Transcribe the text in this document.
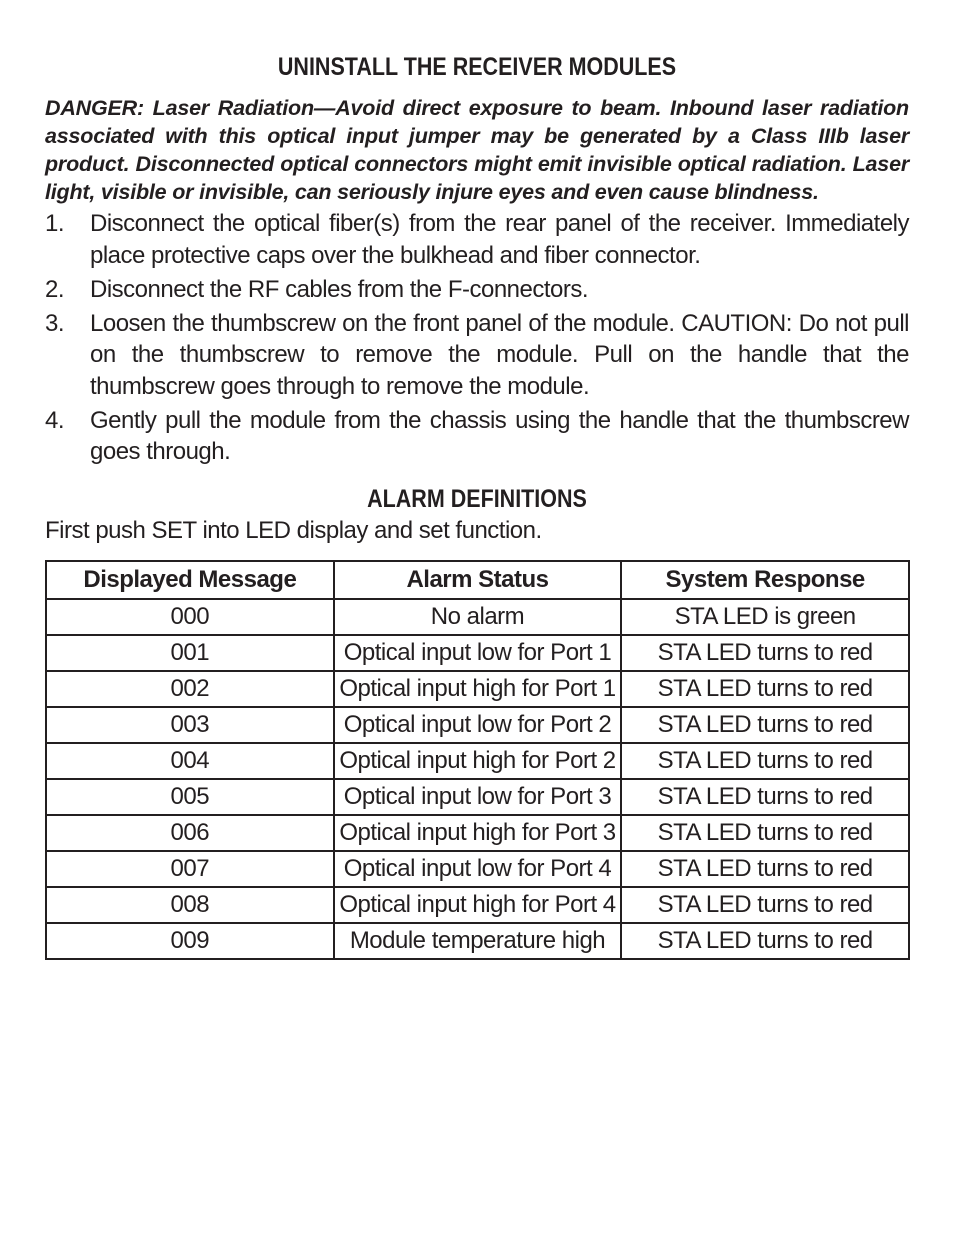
UNINSTALL THE RECEIVER MODULES
DANGER: Laser Radiation—Avoid direct exposure to beam. Inbound laser radiation associated with this optical input jumper may be generated by a Class IIIb laser product. Disconnected optical connectors might emit invisible optical radiation. Laser light, visible or invisible, can seriously injure eyes and even cause blindness.
1. Disconnect the optical fiber(s) from the rear panel of the receiver. Immediately place protective caps over the bulkhead and fiber connector.
2. Disconnect the RF cables from the F-connectors.
3. Loosen the thumbscrew on the front panel of the module. CAUTION: Do not pull on the thumbscrew to remove the module. Pull on the handle that the thumbscrew goes through to remove the module.
4. Gently pull the module from the chassis using the handle that the thumbscrew goes through.
ALARM DEFINITIONS
First push SET into LED display and set function.
Displayed Message	Alarm Status	System Response
000	No alarm	STA LED is green
001	Optical input low for Port 1	STA LED turns to red
002	Optical input high for Port 1	STA LED turns to red
003	Optical input low for Port 2	STA LED turns to red
004	Optical input high for Port 2	STA LED turns to red
005	Optical input low for Port 3	STA LED turns to red
006	Optical input high for Port 3	STA LED turns to red
007	Optical input low for Port 4	STA LED turns to red
008	Optical input high for Port 4	STA LED turns to red
009	Module temperature high	STA LED turns to red
